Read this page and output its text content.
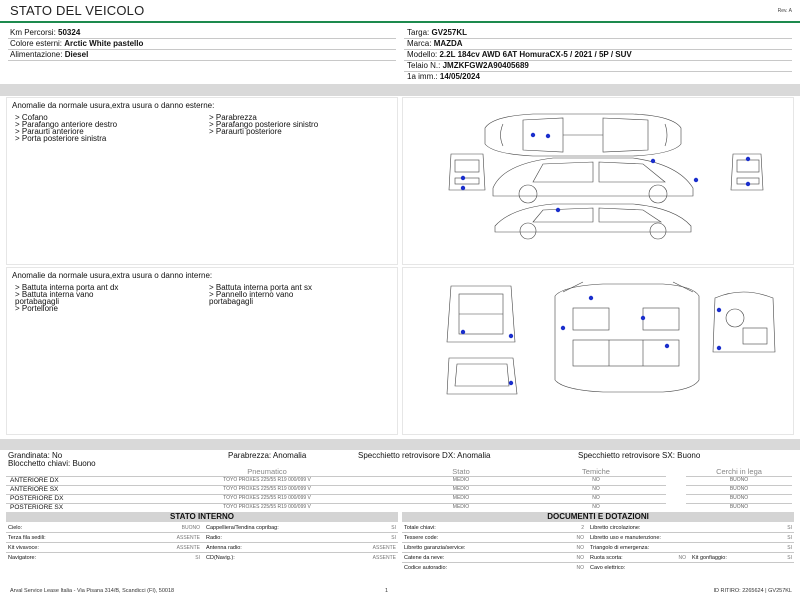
STATO DEL VEICOLO	Rev. A
Km Percorsi: 50324
Colore esterni: Arctic White pastello
Alimentazione: Diesel
Targa: GV257KL
Marca: MAZDA
Modello: 2.2L 184cv AWD 6AT HomuraCX-5 / 2021 / 5P / SUV
Telaio N.: JMZKFGW2A90405689
1a imm.: 14/05/2024
Anomalie da normale usura,extra usura o danno esterne:
> Cofano
> Parafango anteriore destro
> Paraurti anteriore
> Porta posteriore sinistra
> Parabrezza
> Parafango posteriore sinistro
> Paraurti posteriore
Anomalie da normale usura,extra usura o danno interne:
> Battuta interna porta ant dx
> Battuta interna vano
portabagagli
> Portellone
> Battuta interna porta ant sx
> Pannello interno vano
portabagagli
Grandinata: No	Parabrezza: Anomalia	Specchietto retrovisore DX: Anomalia	Specchietto retrovisore SX: Buono
Blocchetto chiavi: Buono
Pneumatico	Stato	Temiche	Cerchi in lega
ANTERIORE DX	TOYO PROXES 225/55 R19 000/099 V	MEDIO	NO	BUONO
ANTERIORE SX	TOYO PROXES 225/55 R19 000/099 V	MEDIO	NO	BUONO
POSTERIORE DX	TOYO PROXES 225/55 R19 000/099 V	MEDIO	NO	BUONO
POSTERIORE SX	TOYO PROXES 225/55 R19 000/099 V	MEDIO	NO	BUONO
STATO INTERNO
Cielo:	BUONO Cappelliera/Tendina copribag:	SI
Terza fila sedili:	ASSENTE Radio:	SI
Kit vivavoce:	ASSENTE Antenna radio:	ASSENTE
Navigatore:	SI CD(Navig.):	ASSENTE
DOCUMENTI E DOTAZIONI
Totale chiavi:	2 Libretto circolazione:	SI
Tessere code:	NO Libretto uso e manutenzione:	SI
Libretto garanzia/service:	NO Triangolo di emergenza:	SI
Catene da neve:	NO Ruota scorta:	NO Kit gonfiaggio:	SI
Codice autoradio:	NO Cavo elettrico:
Arval Service Lease Italia - Via Pisana 314/B, Scandicci (FI), 50018	1	ID RITIRO: 2265624 | GV257KL
